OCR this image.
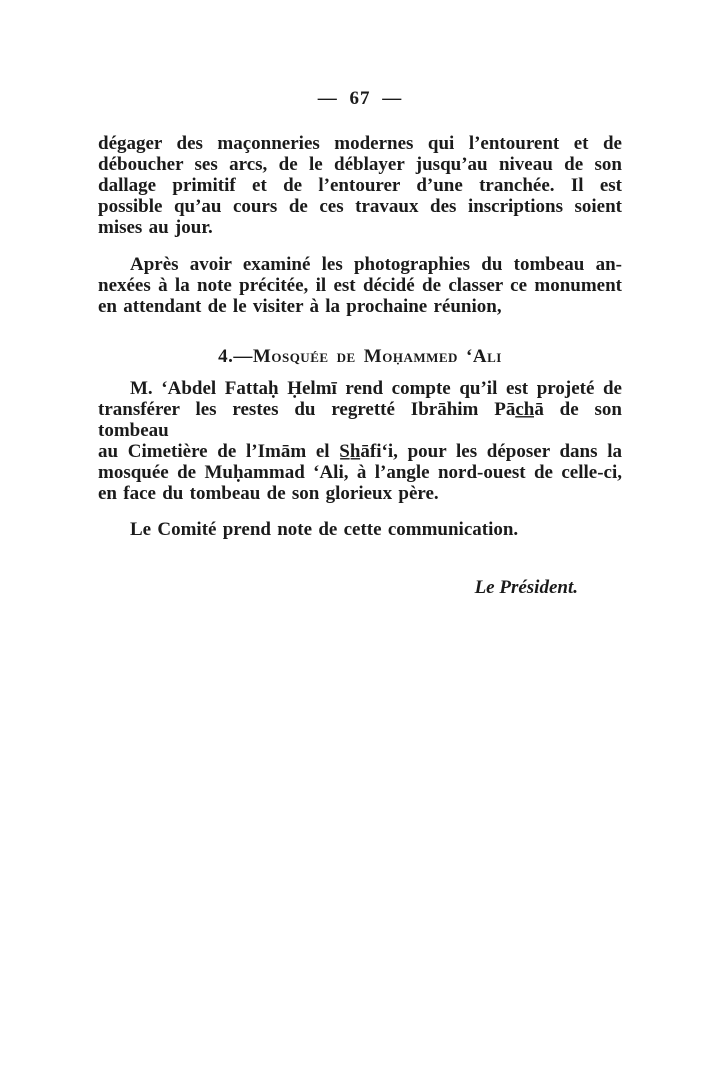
— 67 —
dégager des maçonneries modernes qui l’entourent et de
déboucher ses arcs, de le déblayer jusqu’au niveau de son
dallage primitif et de l’entourer d’une tranchée. Il est
possible qu’au cours de ces travaux des inscriptions soient
mises au jour.
Après avoir examiné les photographies du tombeau an-
nexées à la note précitée, il est décidé de classer ce monument
en attendant de le visiter à la prochaine réunion,
4.—Mosquée de Moḥammed ‘Ali
M. ‘Abdel Fattaḥ Ḥelmī rend compte qu’il est projeté de
transférer les restes du regretté Ibrāhim Pāc̲h̲ā de son tombeau
au Cimetière de l’Imām el S̲h̲āfi‘i, pour les déposer dans la
mosquée de Muḥammad ‘Ali, à l’angle nord-ouest de celle-ci,
en face du tombeau de son glorieux père.
Le Comité prend note de cette communication.
Le Président.
